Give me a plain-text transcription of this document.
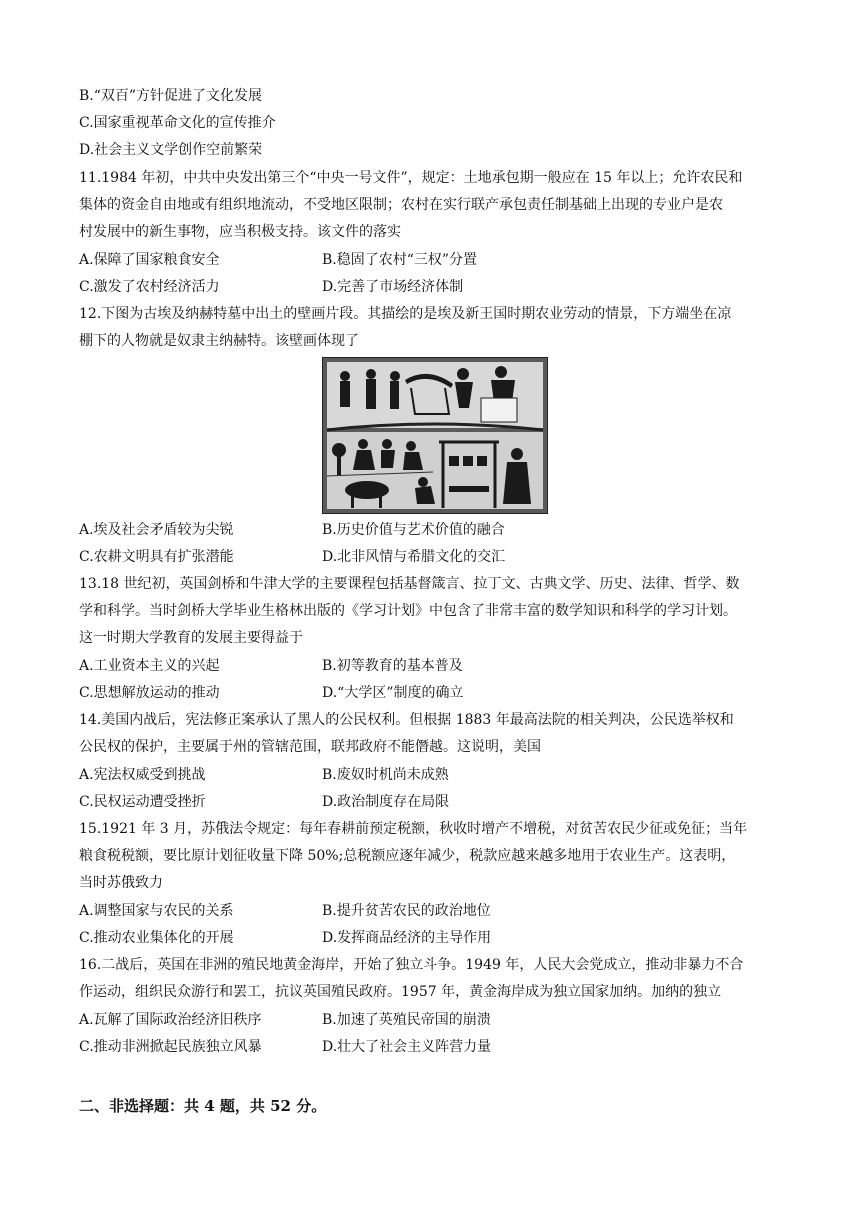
B.“双百”方针促进了文化发展
C.国家重视革命文化的宣传推介
D.社会主义文学创作空前繁荣
11.1984 年初，中共中央发出第三个“中央一号文件”，规定：土地承包期一般应在 15 年以上；允许农民和
集体的资金自由地或有组织地流动，不受地区限制；农村在实行联产承包责任制基础上出现的专业户是农
村发展中的新生事物，应当积极支持。该文件的落实
A.保障了国家粮食安全	B.稳固了农村“三权”分置
C.激发了农村经济活力	D.完善了市场经济体制
12.下图为古埃及纳赫特墓中出土的壁画片段。其描绘的是埃及新王国时期农业劳动的情景，下方端坐在凉
棚下的人物就是奴隶主纳赫特。该壁画体现了
A.埃及社会矛盾较为尖锐	B.历史价值与艺术价值的融合
C.农耕文明具有扩张潜能	D.北非风情与希腊文化的交汇
13.18 世纪初，英国剑桥和牛津大学的主要课程包括基督箴言、拉丁文、古典文学、历史、法律、哲学、数
学和科学。当时剑桥大学毕业生格林出版的《学习计划》中包含了非常丰富的数学知识和科学的学习计划。
这一时期大学教育的发展主要得益于
A.工业资本主义的兴起	B.初等教育的基本普及
C.思想解放运动的推动	D.“大学区”制度的确立
14.美国内战后，宪法修正案承认了黑人的公民权利。但根据 1883 年最高法院的相关判决，公民选举权和
公民权的保护，主要属于州的管辖范围，联邦政府不能僭越。这说明，美国
A.宪法权威受到挑战	B.废奴时机尚未成熟
C.民权运动遭受挫折	D.政治制度存在局限
15.1921 年 3 月，苏俄法令规定：每年春耕前预定税额，秋收时增产不增税，对贫苦农民少征或免征；当年
粮食税税额，要比原计划征收量下降 50%;总税额应逐年减少，税款应越来越多地用于农业生产。这表明，
当时苏俄致力
A.调整国家与农民的关系	B.提升贫苦农民的政治地位
C.推动农业集体化的开展	D.发挥商品经济的主导作用
16.二战后，英国在非洲的殖民地黄金海岸，开始了独立斗争。1949 年，人民大会党成立，推动非暴力不合
作运动，组织民众游行和罢工，抗议英国殖民政府。1957 年，黄金海岸成为独立国家加纳。加纳的独立
A.瓦解了国际政治经济旧秩序	B.加速了英殖民帝国的崩溃
C.推动非洲掀起民族独立风暴	D.壮大了社会主义阵营力量
二、非选择题：共 4 题，共 52 分。
